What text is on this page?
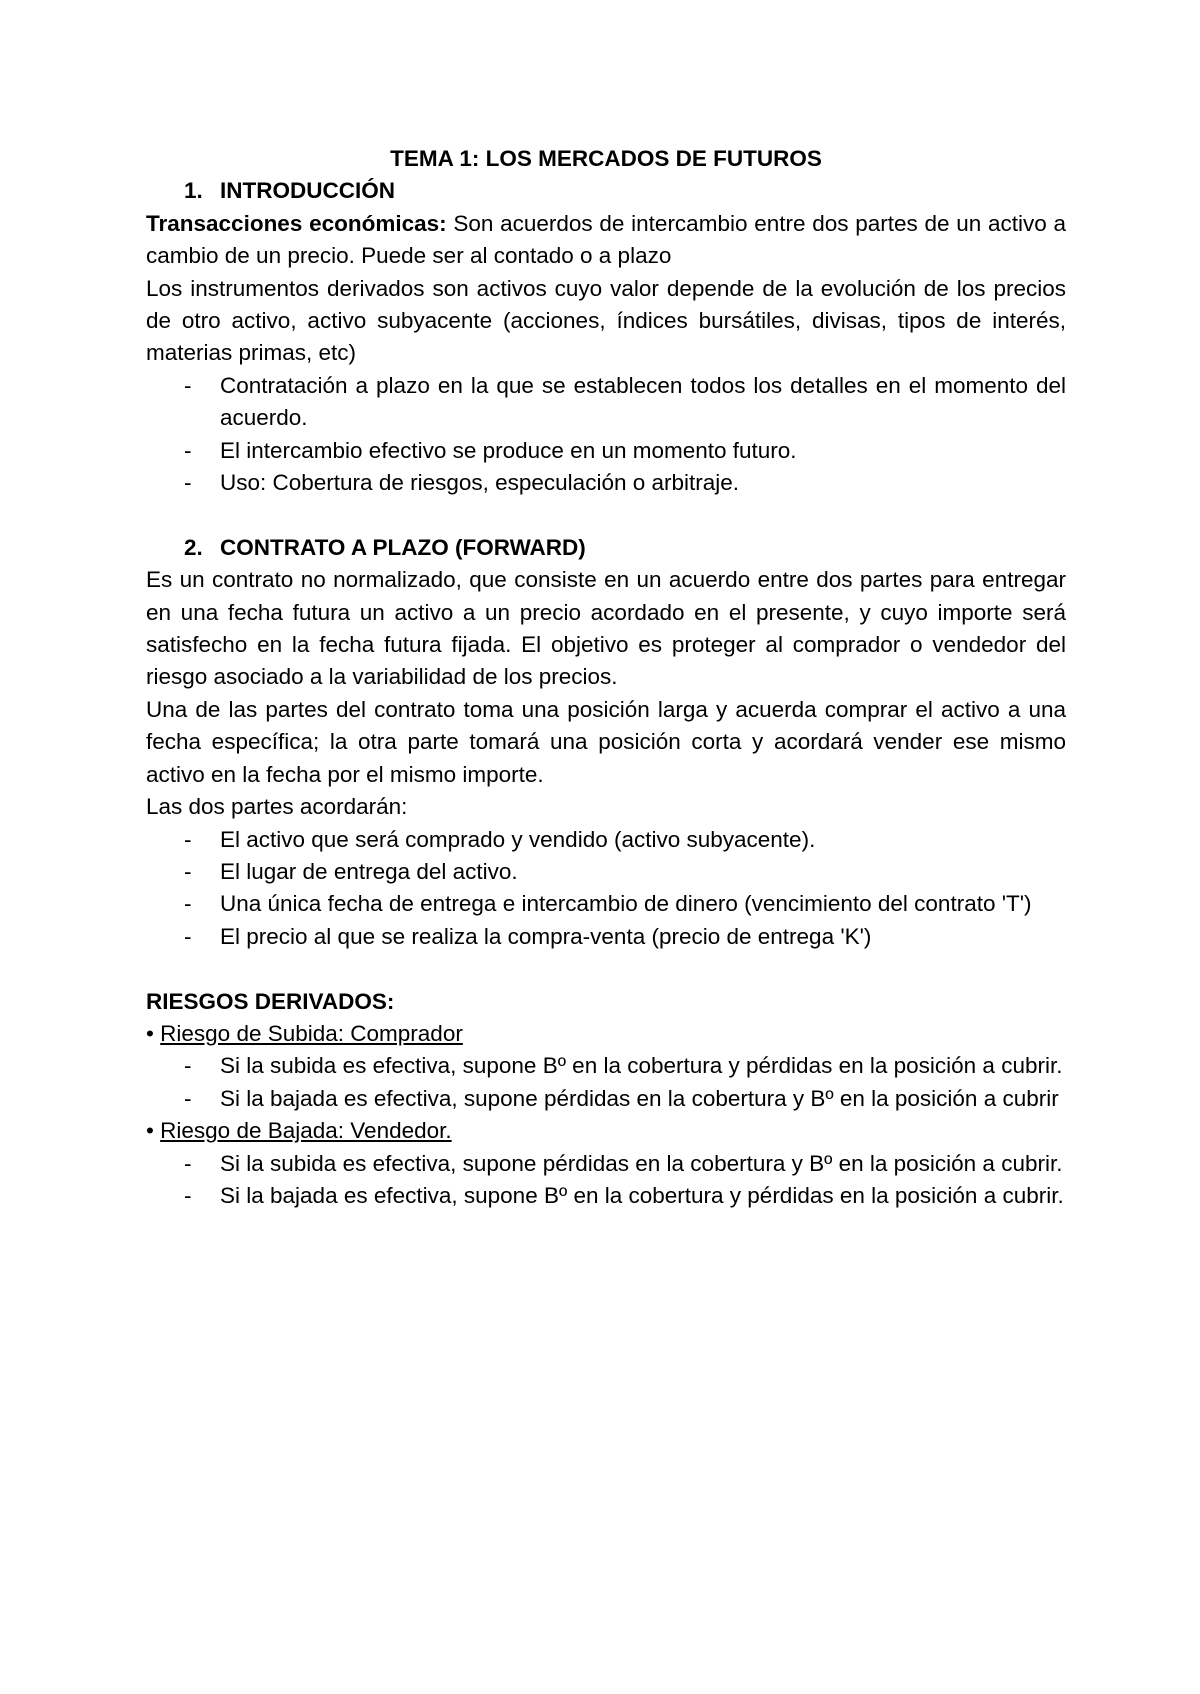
TEMA 1: LOS MERCADOS DE FUTUROS

1. INTRODUCCIÓN

Transacciones económicas: Son acuerdos de intercambio entre dos partes de un activo a cambio de un precio. Puede ser al contado o a plazo

Los instrumentos derivados son activos cuyo valor depende de la evolución de los precios de otro activo, activo subyacente (acciones, índices bursátiles, divisas, tipos de interés, materias primas, etc)

- Contratación a plazo en la que se establecen todos los detalles en el momento del acuerdo.
- El intercambio efectivo se produce en un momento futuro.
- Uso: Cobertura de riesgos, especulación o arbitraje.

2. CONTRATO A PLAZO (FORWARD)

Es un contrato no normalizado, que consiste en un acuerdo entre dos partes para entregar en una fecha futura un activo a un precio acordado en el presente, y cuyo importe será satisfecho en la fecha futura fijada. El objetivo es proteger al comprador o vendedor del riesgo asociado a la variabilidad de los precios.

Una de las partes del contrato toma una posición larga y acuerda comprar el activo a una fecha específica; la otra parte tomará una posición corta y acordará vender ese mismo activo en la fecha por el mismo importe.

Las dos partes acordarán:

- El activo que será comprado y vendido (activo subyacente).
- El lugar de entrega del activo.
- Una única fecha de entrega e intercambio de dinero (vencimiento del contrato 'T')
- El precio al que se realiza la compra-venta (precio de entrega 'K')

RIESGOS DERIVADOS:

• Riesgo de Subida: Comprador

- Si la subida es efectiva, supone Bº en la cobertura y pérdidas en la posición a cubrir.
- Si la bajada es efectiva, supone pérdidas en la cobertura y Bº en la posición a cubrir

• Riesgo de Bajada: Vendedor.

- Si la subida es efectiva, supone pérdidas en la cobertura y Bº en la posición a cubrir.
- Si la bajada es efectiva, supone Bº en la cobertura y pérdidas en la posición a cubrir.
